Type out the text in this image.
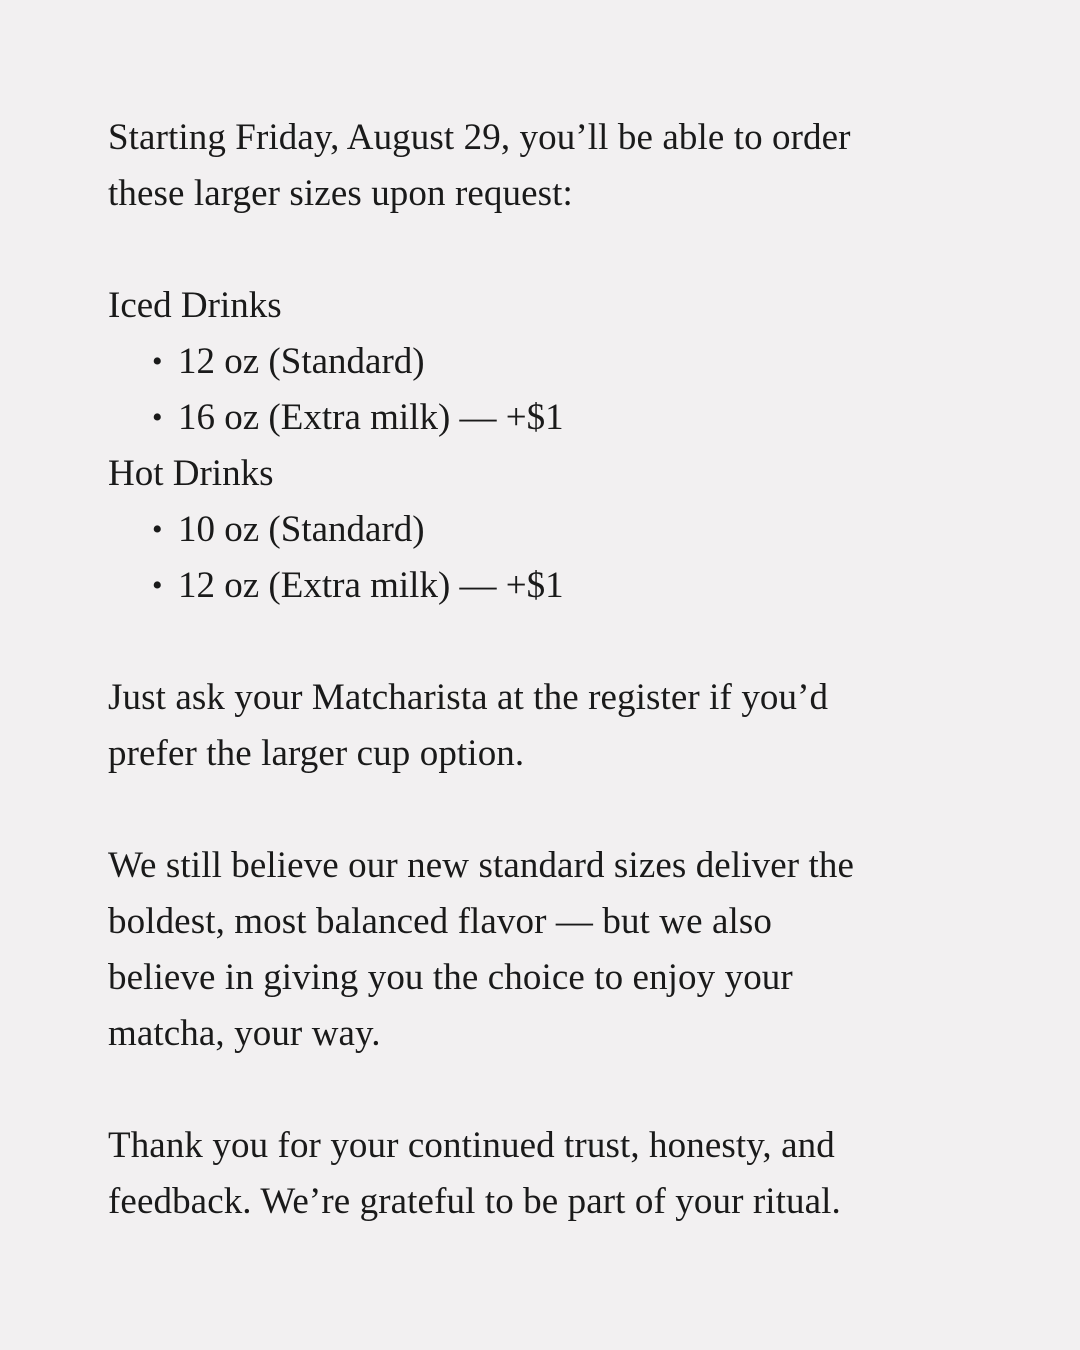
Starting Friday, August 29, you’ll be able to order
these larger sizes upon request:

Iced Drinks

• 12 oz (Standard)
• 16 oz (Extra milk) — +$1

Hot Drinks

• 10 oz (Standard)
• 12 oz (Extra milk) — +$1

Just ask your Matcharista at the register if you’d
prefer the larger cup option.

We still believe our new standard sizes deliver the
boldest, most balanced flavor — but we also
believe in giving you the choice to enjoy your
matcha, your way.

Thank you for your continued trust, honesty, and
feedback. We’re grateful to be part of your ritual.
